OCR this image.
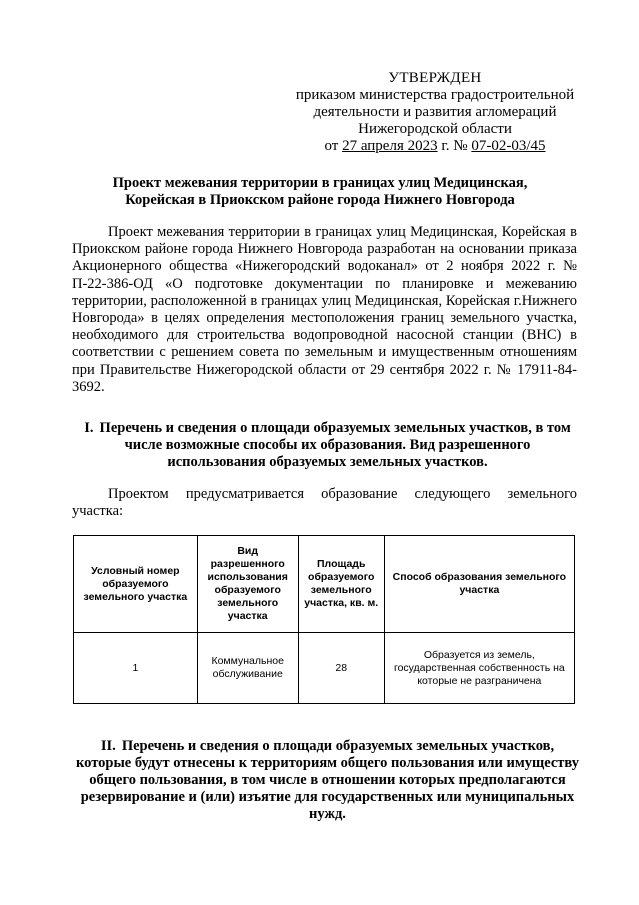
УТВЕРЖДЕН
приказом министерства градостроительной
деятельности и развития агломераций
Нижегородской области
от 27 апреля 2023 г. № 07-02-03/45
Проект межевания территории в границах улиц Медицинская,
Корейская в Приокском районе города Нижнего Новгорода

Проект межевания территории в границах улиц Медицинская, Корейская в Приокском районе города Нижнего Новгорода разработан на основании приказа Акционерного общества «Нижегородский водоканал» от 2 ноября 2022 г. № П-22-386-ОД «О подготовке документации по планировке и межеванию территории, расположенной в границах улиц Медицинская, Корейская г.Нижнего Новгорода» в целях определения местоположения границ земельного участка, необходимого для строительства водопроводной насосной станции (ВНС) в соответствии с решением совета по земельным и имущественным отношениям при Правительстве Нижегородской области от 29 сентября 2022 г. № 17911-84-3692.

I. Перечень и сведения о площади образуемых земельных участков, в том числе возможные способы их образования. Вид разрешенного использования образуемых земельных участков.

Проектом предусматривается образование следующего земельного участка:

Условный номер образуемого земельного участка	Вид разрешенного использования образуемого земельного участка	Площадь образуемого земельного участка, кв. м.	Способ образования земельного участка
1	Коммунальное обслуживание	28	Образуется из земель, государственная собственность на которые не разграничена
II. Перечень и сведения о площади образуемых земельных участков, которые будут отнесены к территориям общего пользования или имуществу общего пользования, в том числе в отношении которых предполагаются резервирование и (или) изъятие для государственных или муниципальных нужд.
